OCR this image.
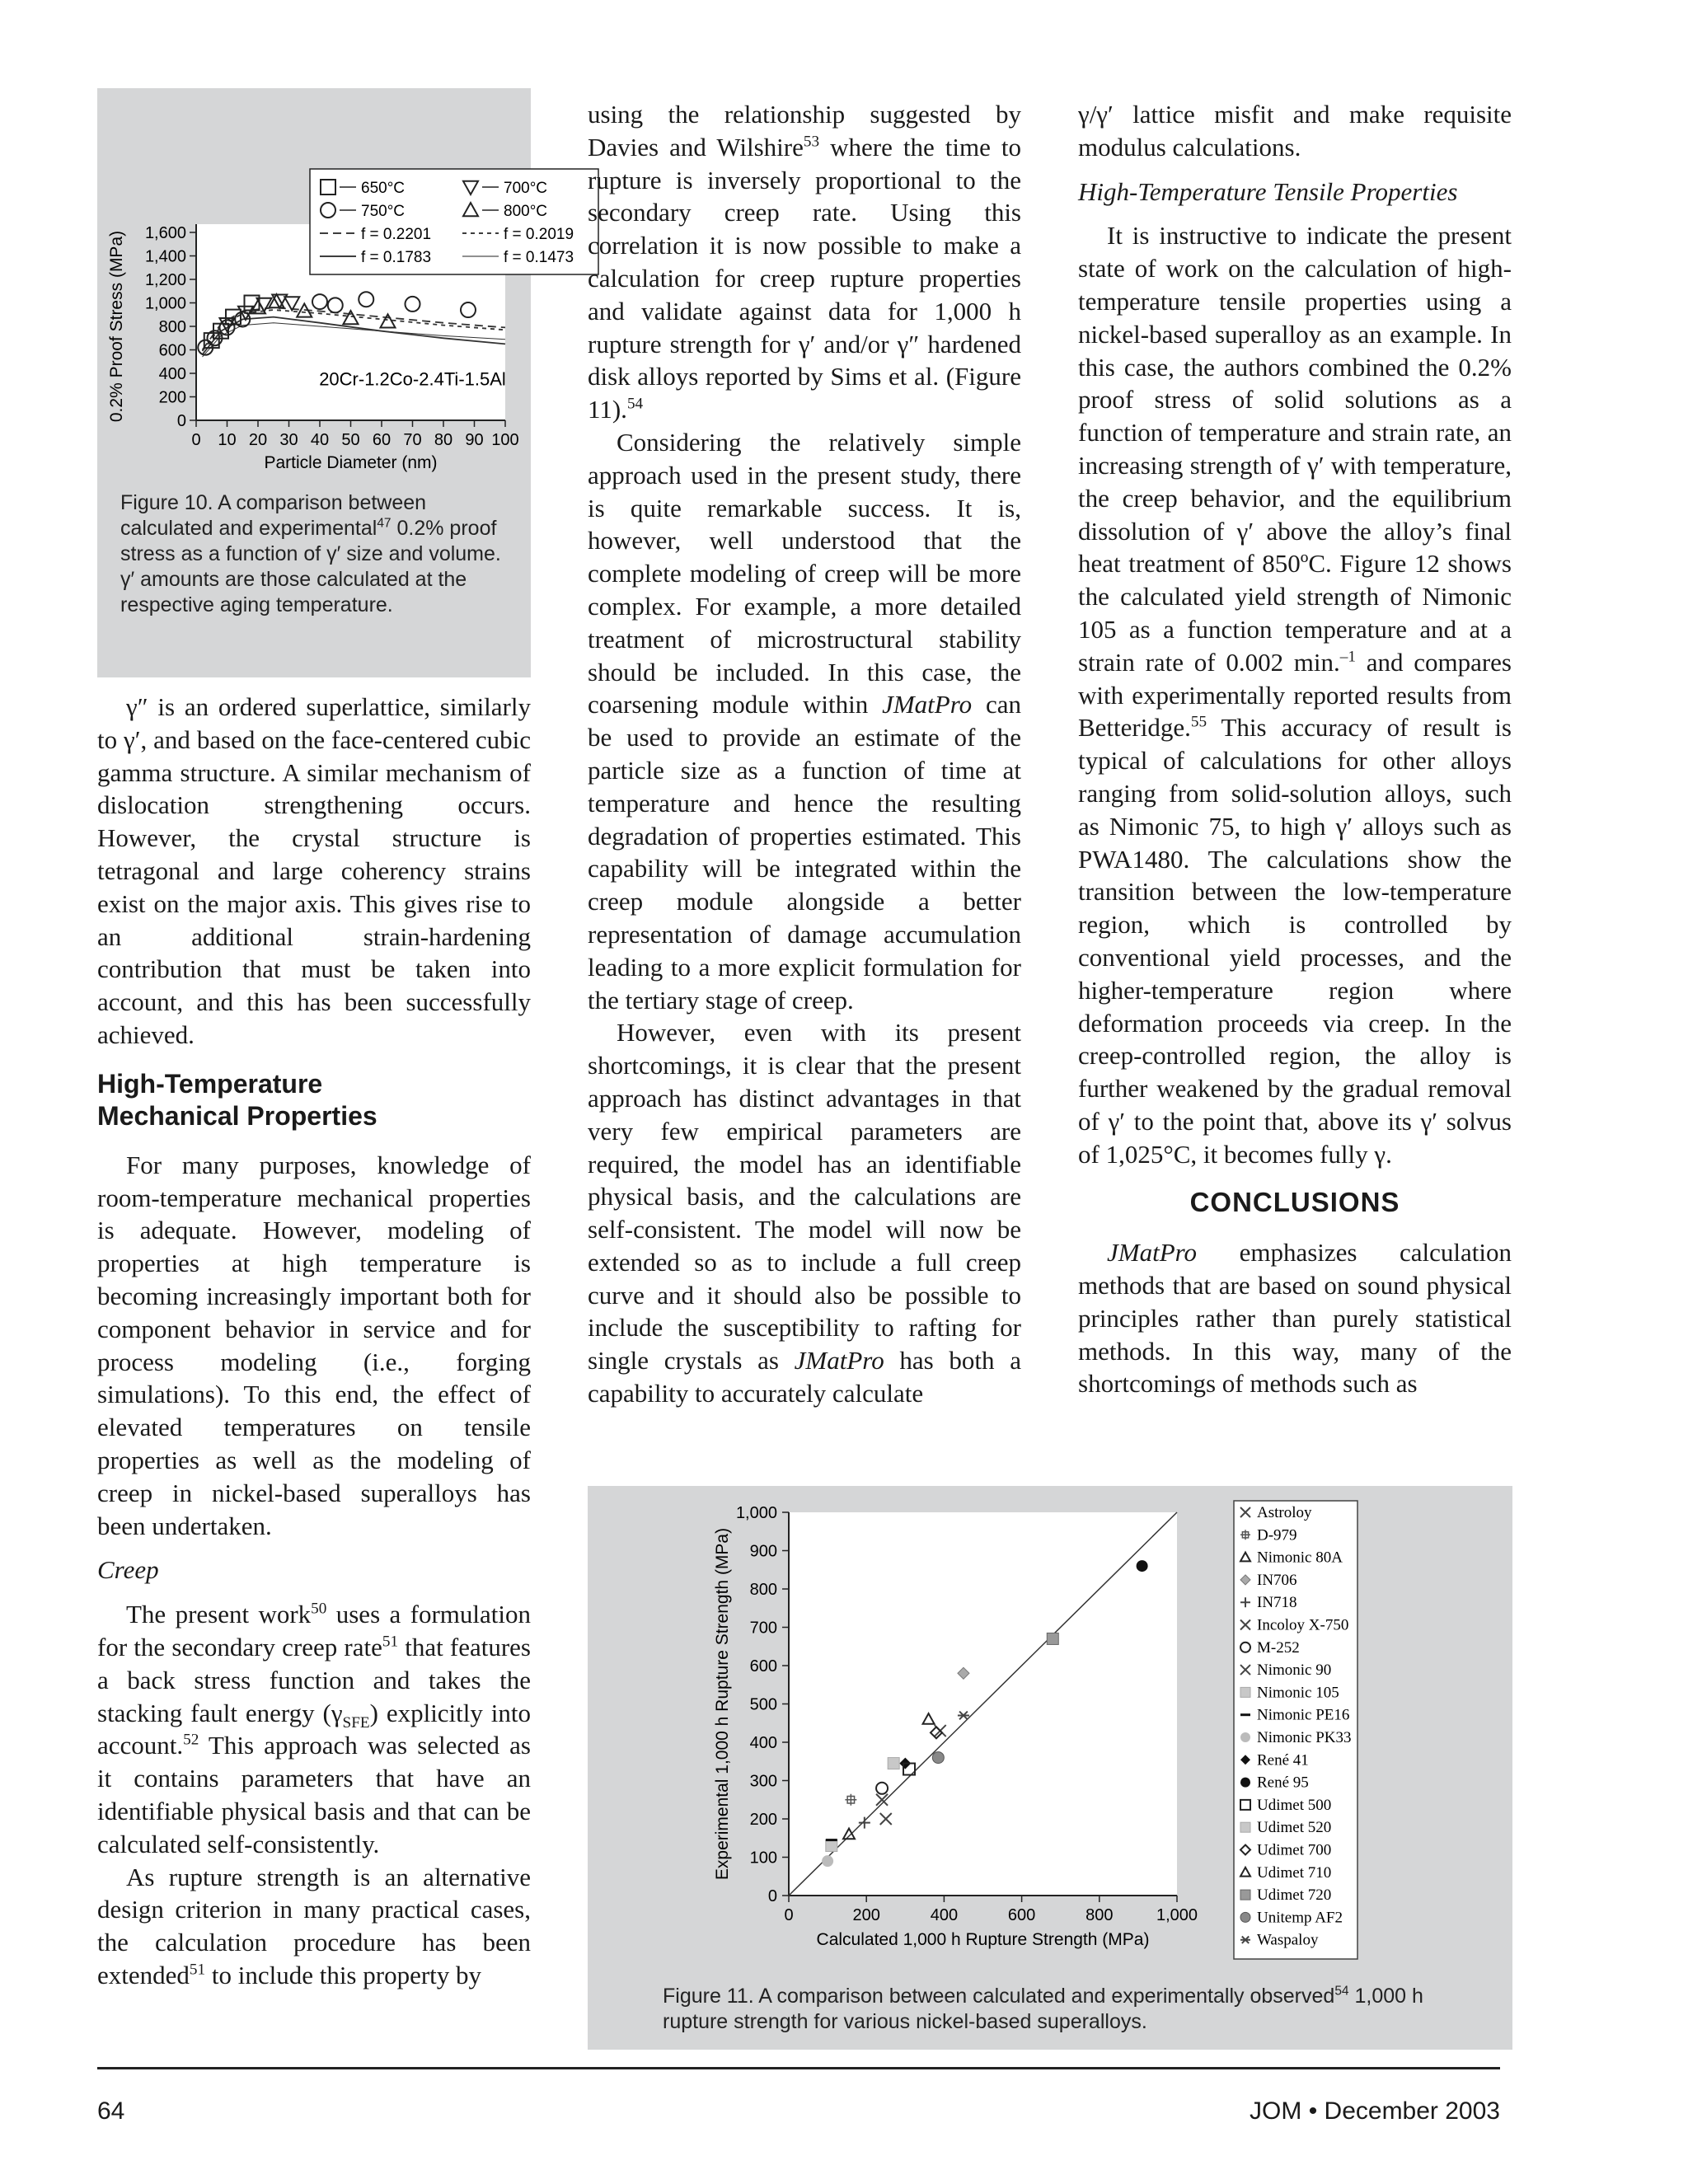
0 10 20 30 40 50 60 70 80 90 100
0
200
400
600
800
1,000
1,200
1,400
1,600
Particle Diameter (nm)
0.2% Proof Stress (MPa)	20Cr-1.2Co-2.4Ti-1.5Al
650°C	700°C
750°C	800°C
f = 0.2201	f = 0.2019
f = 0.1783	f = 0.1473
Figure 10. A comparison between calculated and experimental$^{47}$ 0.2% proof stress as a function of γ′ size and volume. γ′ amounts are those calculated at the respective aging temperature.

γ″ is an ordered superlattice, similarly to γ′, and based on the face-centered cubic gamma structure. A similar mechanism of dislocation strengthening occurs. However, the crystal structure is tetragonal and large coherency strains exist on the major axis. This gives rise to an additional strain-hardening contribution that must be taken into account, and this has been successfully achieved.

High-Temperature
Mechanical Properties

For many purposes, knowledge of room-temperature mechanical properties is adequate. However, modeling of properties at high temperature is becoming increasingly important both for component behavior in service and for process modeling (i.e., forging simulations). To this end, the effect of elevated temperatures on tensile properties as well as the modeling of creep in nickel-based superalloys has been undertaken.

Creep

The present work$^{50}$ uses a formulation for the secondary creep rate$^{51}$ that features a back stress function and takes the stacking fault energy $(\gamma_{SFE})$ explicitly into account.$^{52}$ This approach was selected as it contains parameters that have an identifiable physical basis and that can be calculated self-consistently.

As rupture strength is an alternative design criterion in many practical cases, the calculation procedure has been extended$^{51}$ to include this property by

using the relationship suggested by Davies and Wilshire$^{53}$ where the time to rupture is inversely proportional to the secondary creep rate. Using this correlation it is now possible to make a calculation for creep rupture properties and validate against data for 1,000 h rupture strength for γ′ and/or γ″ hardened disk alloys reported by Sims et al. (Figure 11).$^{54}$

Considering the relatively simple approach used in the present study, there is quite remarkable success. It is, however, well understood that the complete modeling of creep will be more complex. For example, a more detailed treatment of microstructural stability should be included. In this case, the coarsening module within JMatPro can be used to provide an estimate of the particle size as a function of time at temperature and hence the resulting degradation of properties estimated. This capability will be integrated within the creep module alongside a better representation of damage accumulation leading to a more explicit formulation for the tertiary stage of creep.

However, even with its present shortcomings, it is clear that the present approach has distinct advantages in that very few empirical parameters are required, the model has an identifiable physical basis, and the calculations are self-consistent. The model will now be extended so as to include a full creep curve and it should also be possible to include the susceptibility to rafting for single crystals as JMatPro has both a capability to accurately calculate

γ/γ′ lattice misfit and make requisite modulus calculations.

High-Temperature Tensile Properties

It is instructive to indicate the present state of work on the calculation of high-temperature tensile properties using a nickel-based superalloy as an example. In this case, the authors combined the 0.2% proof stress of solid solutions as a function of temperature and strain rate, an increasing strength of γ′ with temperature, the creep behavior, and the equilibrium dissolution of γ′ above the alloy’s final heat treatment of 850ºC. Figure 12 shows the calculated yield strength of Nimonic 105 as a function temperature and at a strain rate of 0.002 min.$^{-1}$ and compares with experimentally reported results from Betteridge.$^{55}$ This accuracy of result is typical of calculations for other alloys ranging from solid-solution alloys, such as Nimonic 75, to high γ′ alloys such as PWA1480. The calculations show the transition between the low-temperature region, which is controlled by conventional yield processes, and the higher-temperature region where deformation proceeds via creep. In the creep-controlled region, the alloy is further weakened by the gradual removal of γ′ to the point that, above its γ′ solvus of 1,025°C, it becomes fully γ.

CONCLUSIONS

JMatPro emphasizes calculation methods that are based on sound physical principles rather than purely statistical methods. In this way, many of the shortcomings of methods such as

0	200	400	600	800	1,000
0
100
200
300
400
500
600
700
800
900
1,000
Calculated 1,000 h Rupture Strength (MPa)
Experimental 1,000 h Rupture Strength (MPa)
Astroloy
D-979
Nimonic 80A
IN706
IN718
Incoloy X-750
M-252
Nimonic 90
Nimonic 105
Nimonic PE16
Nimonic PK33
René 41
René 95
Udimet 500
Udimet 520
Udimet 700
Udimet 710
Udimet 720
Unitemp AF2
Waspaloy
Figure 11. A comparison between calculated and experimentally observed$^{54}$ 1,000 h rupture strength for various nickel-based superalloys.
64	JOM • December 2003
